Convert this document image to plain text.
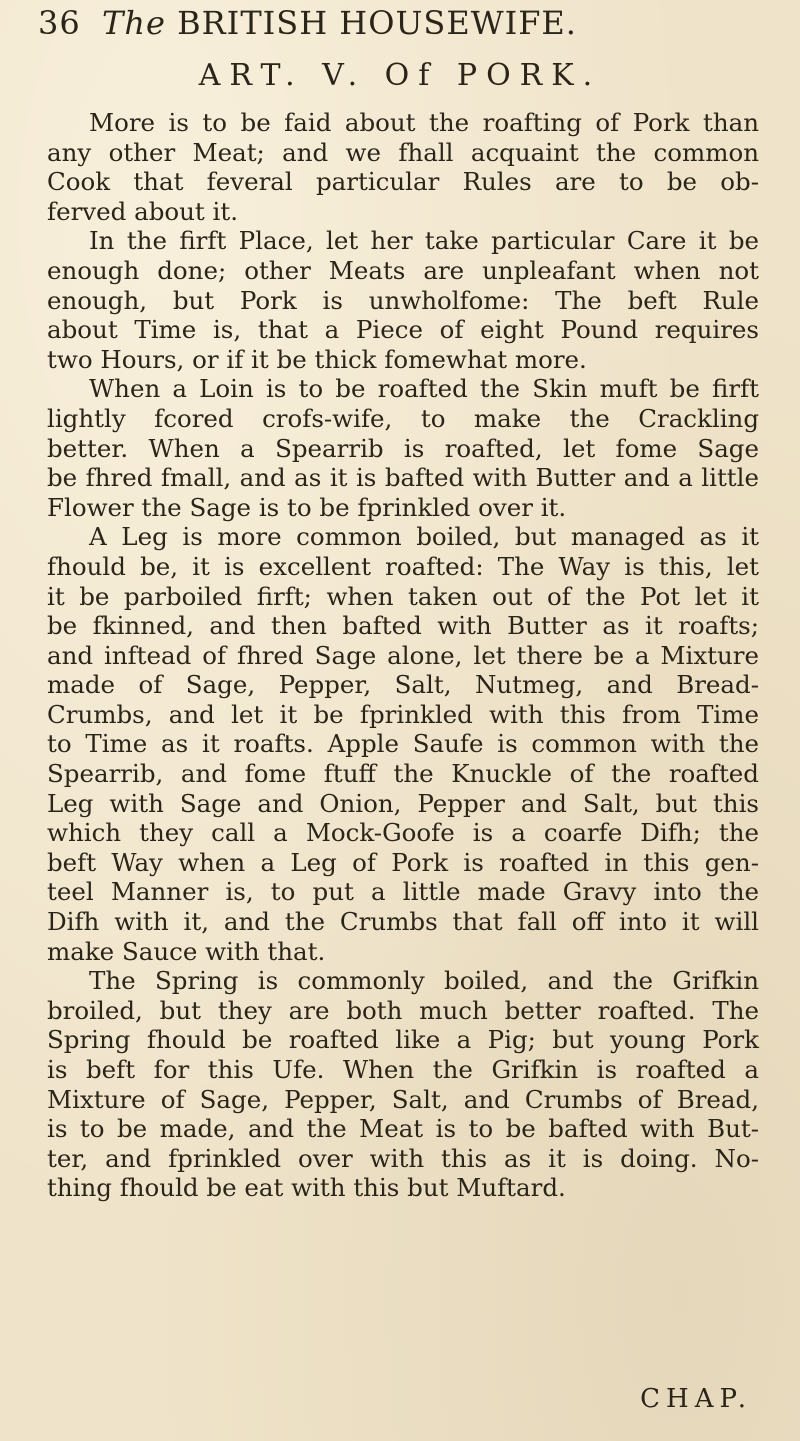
36 The BRITISH HOUSEWIFE.
ART. V. Of PORK.
More is to be faid about the roafting of Pork than
any other Meat; and we fhall acquaint the common
Cook that feveral particular Rules are to be ob-
ferved about it.
In the firft Place, let her take particular Care it be
enough done; other Meats are unpleafant when not
enough, but Pork is unwholfome: The beft Rule
about Time is, that a Piece of eight Pound requires
two Hours, or if it be thick fomewhat more.
When a Loin is to be roafted the Skin muft be firft
lightly fcored crofs-wife, to make the Crackling
better. When a Spearrib is roafted, let fome Sage
be fhred fmall, and as it is bafted with Butter and a little
Flower the Sage is to be fprinkled over it.
A Leg is more common boiled, but managed as it
fhould be, it is excellent roafted: The Way is this, let
it be parboiled firft; when taken out of the Pot let it
be fkinned, and then bafted with Butter as it roafts;
and inftead of fhred Sage alone, let there be a Mixture
made of Sage, Pepper, Salt, Nutmeg, and Bread-
Crumbs, and let it be fprinkled with this from Time
to Time as it roafts. Apple Saufe is common with the
Spearrib, and fome ftuff the Knuckle of the roafted
Leg with Sage and Onion, Pepper and Salt, but this
which they call a Mock-Goofe is a coarfe Difh; the
beft Way when a Leg of Pork is roafted in this gen-
teel Manner is, to put a little made Gravy into the
Difh with it, and the Crumbs that fall off into it will
make Sauce with that.
The Spring is commonly boiled, and the Grifkin
broiled, but they are both much better roafted. The
Spring fhould be roafted like a Pig; but young Pork
is beft for this Ufe. When the Grifkin is roafted a
Mixture of Sage, Pepper, Salt, and Crumbs of Bread,
is to be made, and the Meat is to be bafted with But-
ter, and fprinkled over with this as it is doing. No-
thing fhould be eat with this but Muftard.
CHAP.
